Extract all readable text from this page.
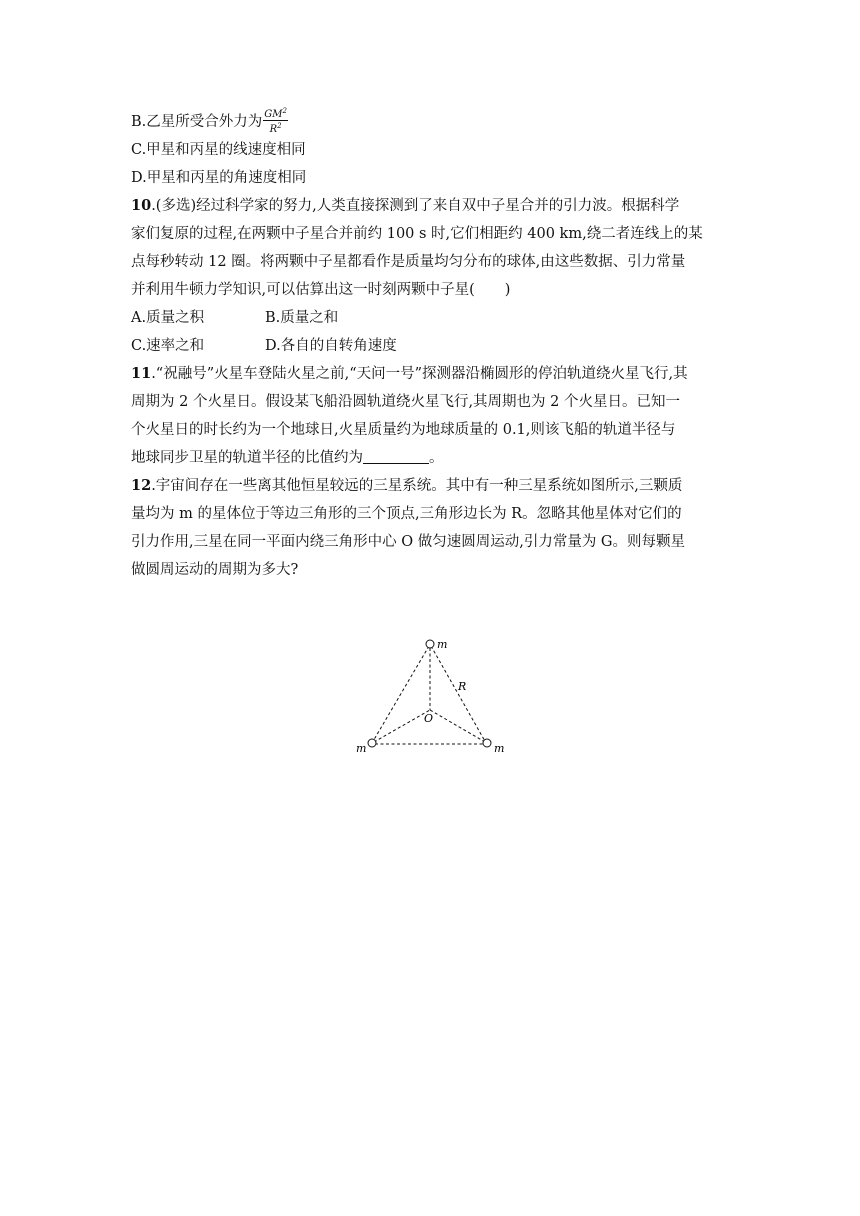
B.乙星所受合外力为 $\frac{GM^2}{R^2}$
C.甲星和丙星的线速度相同
D.甲星和丙星的角速度相同
10.(多选)经过科学家的努力,人类直接探测到了来自双中子星合并的引力波。根据科学
家们复原的过程,在两颗中子星合并前约 100 s 时,它们相距约 400 km,绕二者连线上的某
点每秒转动 12 圈。将两颗中子星都看作是质量均匀分布的球体,由这些数据、引力常量
并利用牛顿力学知识,可以估算出这一时刻两颗中子星( )
A.质量之积	B.质量之和
C.速率之和	D.各自的自转角速度
11.“祝融号”火星车登陆火星之前,“天问一号”探测器沿椭圆形的停泊轨道绕火星飞行,其
周期为 2 个火星日。假设某飞船沿圆轨道绕火星飞行,其周期也为 2 个火星日。已知一
个火星日的时长约为一个地球日,火星质量约为地球质量的 0.1,则该飞船的轨道半径与
地球同步卫星的轨道半径的比值约为	。
12.宇宙间存在一些离其他恒星较远的三星系统。其中有一种三星系统如图所示,三颗质
量均为 m 的星体位于等边三角形的三个顶点,三角形边长为 R。忽略其他星体对它们的
引力作用,三星在同一平面内绕三角形中心 O 做匀速圆周运动,引力常量为 G。则每颗星
做圆周运动的周期为多大?
m
m	m
R
O
